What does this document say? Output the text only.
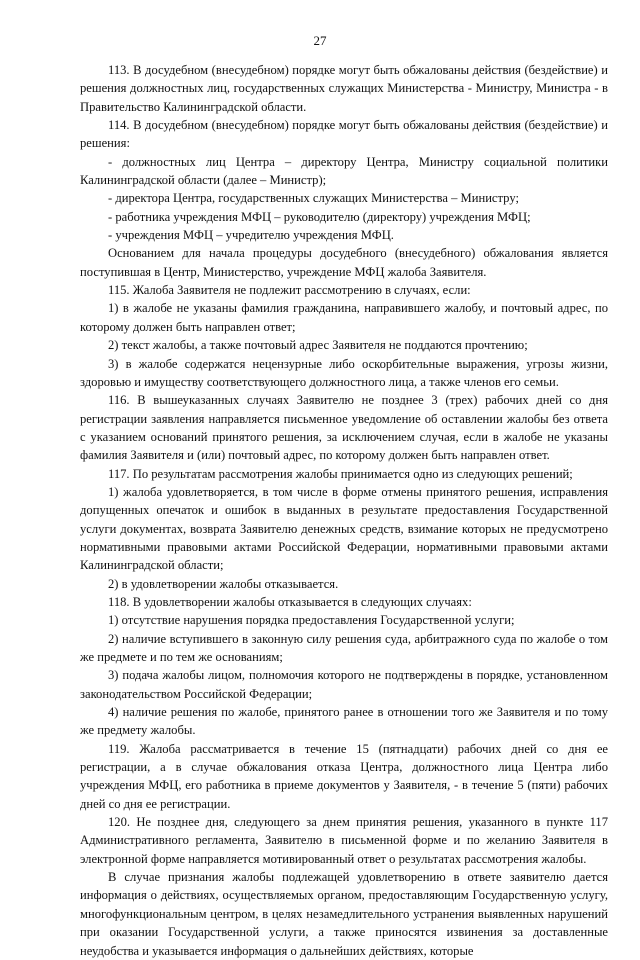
27

113. В досудебном (внесудебном) порядке могут быть обжалованы действия (бездействие) и решения должностных лиц, государственных служащих Министерства - Министру, Министра - в Правительство Калининградской области.

114. В досудебном (внесудебном) порядке могут быть обжалованы действия (бездействие) и решения:

- должностных лиц Центра – директору Центра, Министру социальной политики Калининградской области (далее – Министр);

- директора Центра, государственных служащих Министерства – Министру;

- работника учреждения МФЦ – руководителю (директору) учреждения МФЦ;

- учреждения МФЦ – учредителю учреждения МФЦ.

Основанием для начала процедуры досудебного (внесудебного) обжалования является поступившая в Центр, Министерство, учреждение МФЦ жалоба Заявителя.

115. Жалоба Заявителя не подлежит рассмотрению в случаях, если:

1) в жалобе не указаны фамилия гражданина, направившего жалобу, и почтовый адрес, по которому должен быть направлен ответ;

2) текст жалобы, а также почтовый адрес Заявителя не поддаются прочтению;

3) в жалобе содержатся нецензурные либо оскорбительные выражения, угрозы жизни, здоровью и имуществу соответствующего должностного лица, а также членов его семьи.

116. В вышеуказанных случаях Заявителю не позднее 3 (трех) рабочих дней со дня регистрации заявления направляется письменное уведомление об оставлении жалобы без ответа с указанием оснований принятого решения, за исключением случая, если в жалобе не указаны фамилия Заявителя и (или) почтовый адрес, по которому должен быть направлен ответ.

117. По результатам рассмотрения жалобы принимается одно из следующих решений;

1) жалоба удовлетворяется, в том числе в форме отмены принятого решения, исправления допущенных опечаток и ошибок в выданных в результате предоставления Государственной услуги документах, возврата Заявителю денежных средств, взимание которых не предусмотрено нормативными правовыми актами Российской Федерации, нормативными правовыми актами Калининградской области;

2) в удовлетворении жалобы отказывается.

118. В удовлетворении жалобы отказывается в следующих случаях:

1) отсутствие нарушения порядка предоставления Государственной услуги;

2) наличие вступившего в законную силу решения суда, арбитражного суда по жалобе о том же предмете и по тем же основаниям;

3) подача жалобы лицом, полномочия которого не подтверждены в порядке, установленном законодательством Российской Федерации;

4) наличие решения по жалобе, принятого ранее в отношении того же Заявителя и по тому же предмету жалобы.

119. Жалоба рассматривается в течение 15 (пятнадцати) рабочих дней со дня ее регистрации, а в случае обжалования отказа Центра, должностного лица Центра либо учреждения МФЦ, его работника в приеме документов у Заявителя, - в течение 5 (пяти) рабочих дней со дня ее регистрации.

120. Не позднее дня, следующего за днем принятия решения, указанного в пункте 117 Административного регламента, Заявителю в письменной форме и по желанию Заявителя в электронной форме направляется мотивированный ответ о результатах рассмотрения жалобы.

В случае признания жалобы подлежащей удовлетворению в ответе заявителю дается информация о действиях, осуществляемых органом, предоставляющим Государственную услугу, многофункциональным центром, в целях незамедлительного устранения выявленных нарушений при оказании Государственной услуги, а также приносятся извинения за доставленные неудобства и указывается информация о дальнейших действиях, которые
